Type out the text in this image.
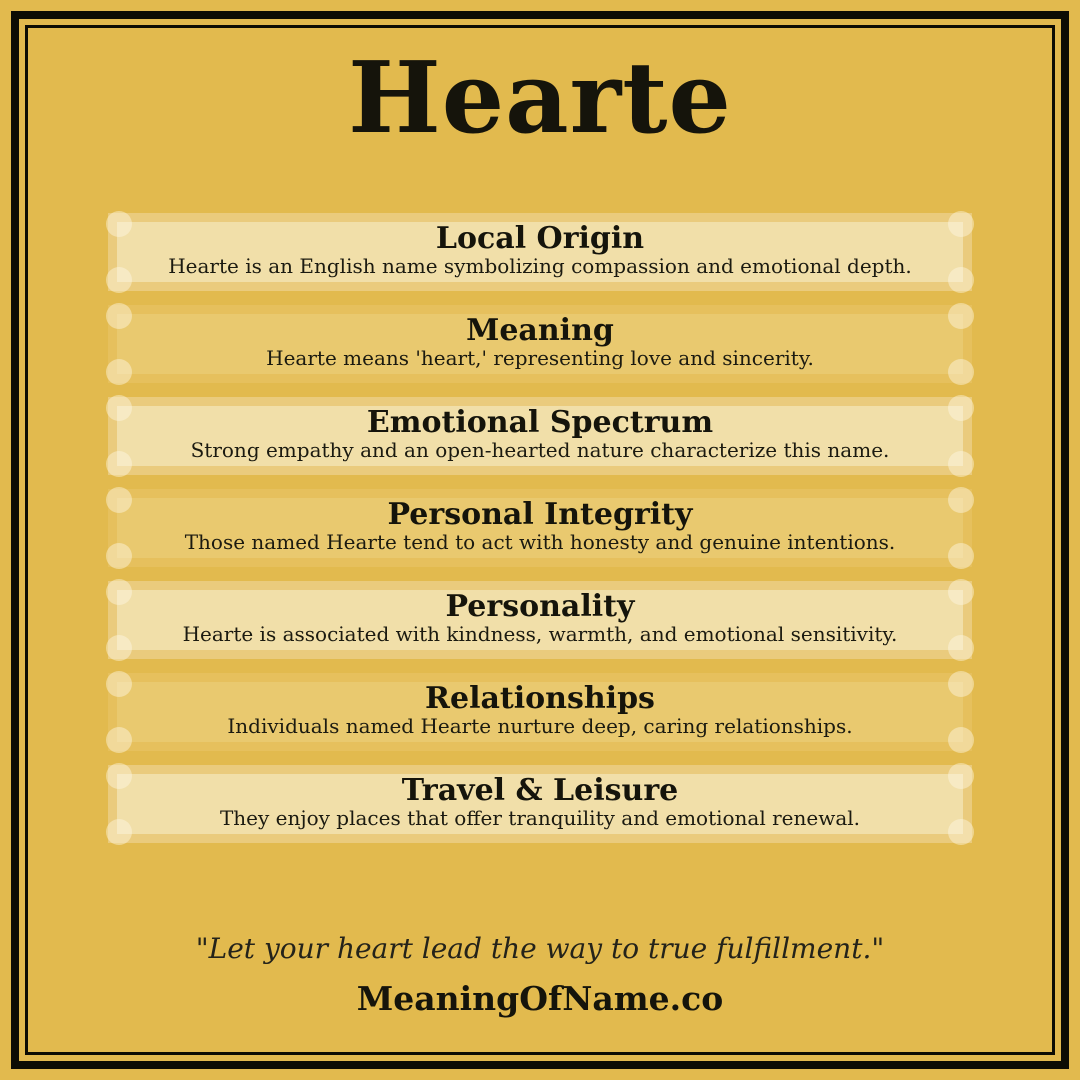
Hearte
Local Origin

Hearte is an English name symbolizing compassion and emotional depth.

Meaning

Hearte means 'heart,' representing love and sincerity.

Emotional Spectrum

Strong empathy and an open-hearted nature characterize this name.

Personal Integrity

Those named Hearte tend to act with honesty and genuine intentions.

Personality

Hearte is associated with kindness, warmth, and emotional sensitivity.

Relationships

Individuals named Hearte nurture deep, caring relationships.

Travel & Leisure

They enjoy places that offer tranquility and emotional renewal.

"Let your heart lead the way to true fulfillment."

MeaningOfName.co
